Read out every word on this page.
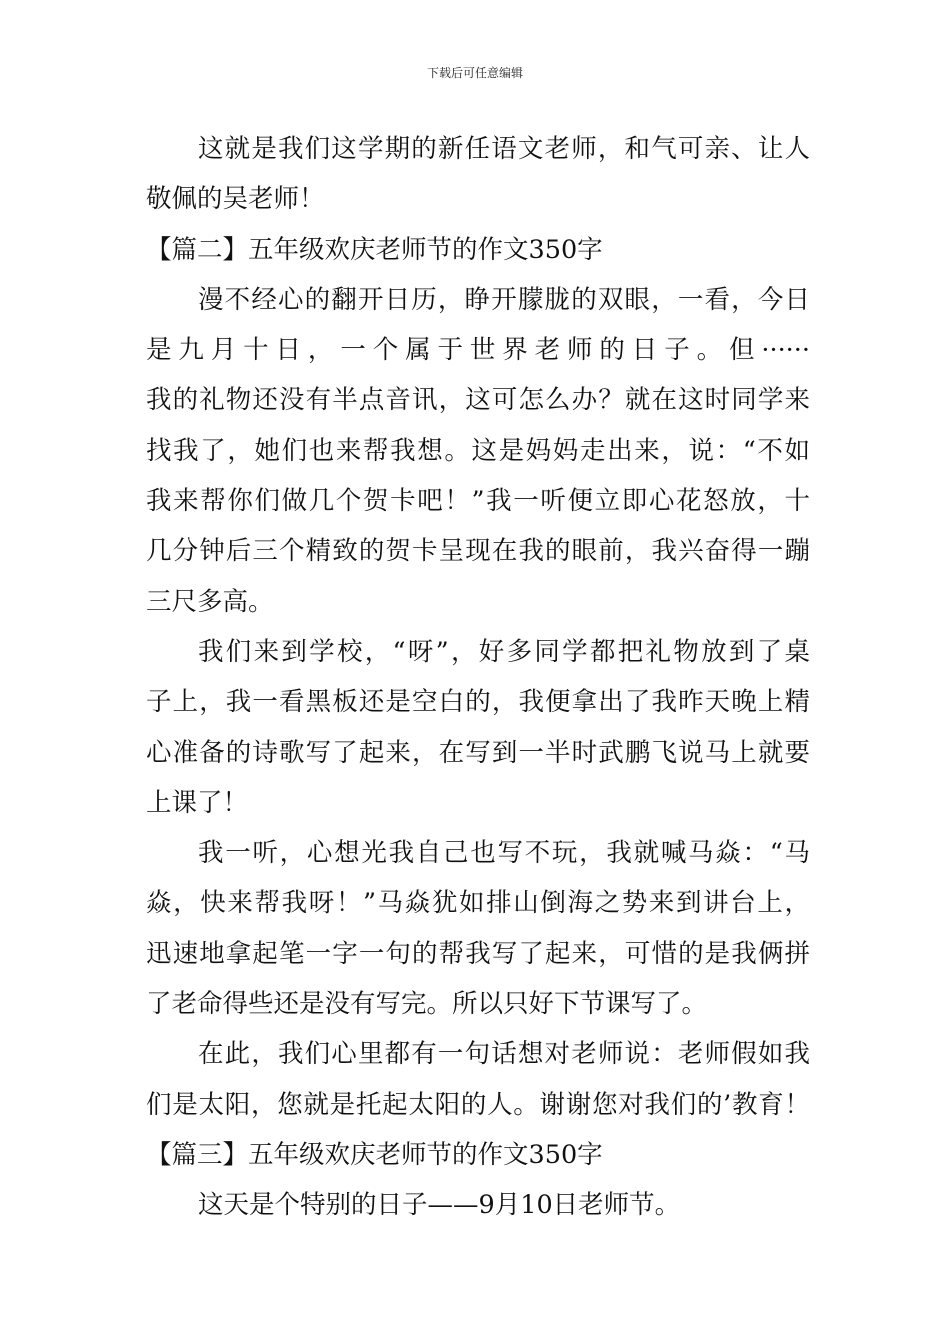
下载后可任意编辑
这就是我们这学期的新任语文老师，和气可亲、让人
敬佩的吴老师！
【篇二】五年级欢庆老师节的作文350字
漫不经心的翻开日历，睁开朦胧的双眼，一看，今日
是九月十日，一个属于世界老师的日子。但······
我的礼物还没有半点音讯，这可怎么办？就在这时同学来
找我了，她们也来帮我想。这是妈妈走出来，说：“不如
我来帮你们做几个贺卡吧！”我一听便立即心花怒放，十
几分钟后三个精致的贺卡呈现在我的眼前，我兴奋得一蹦
三尺多高。
我们来到学校，“呀”，好多同学都把礼物放到了桌
子上，我一看黑板还是空白的，我便拿出了我昨天晚上精
心准备的诗歌写了起来，在写到一半时武鹏飞说马上就要
上课了！
我一听，心想光我自己也写不玩，我就喊马焱：“马
焱，快来帮我呀！”马焱犹如排山倒海之势来到讲台上，
迅速地拿起笔一字一句的帮我写了起来，可惜的是我俩拼
了老命得些还是没有写完。所以只好下节课写了。
在此，我们心里都有一句话想对老师说：老师假如我
们是太阳，您就是托起太阳的人。谢谢您对我们的’教育！
【篇三】五年级欢庆老师节的作文350字
这天是个特别的日子——9月10日老师节。
